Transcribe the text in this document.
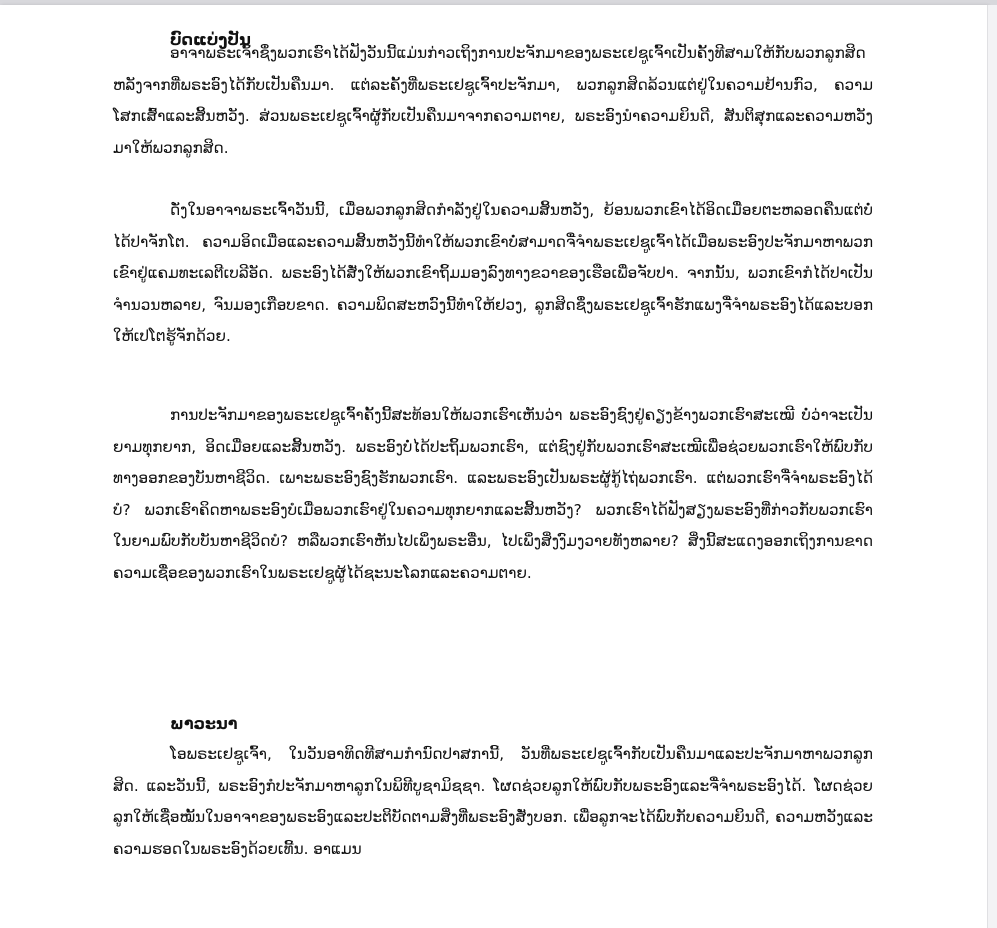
ບົດແບ່ງປັນ

ອາຈາພຣະເຈົ້າຊຶ່ງພວກເຮົາໄດ້ຟັງວັນນີ້ແມ່ນກ່າວເຖິງການປະຈັກມາຂອງພຣະເຢຊູເຈົ້າເປັນຄັ້ງທີສາມໃຫ້ກັບພວກລູກສິດ ຫລັງຈາກທີ່ພຣະອົງໄດ້ກັບເປັນຄືນມາ. ແຕ່ລະຄັ້ງທີ່ພຣະເຢຊູເຈົ້າປະຈັກມາ, ພວກລູກສິດລ້ວນແຕ່ຢູ່ໃນຄວາມຢ້ານກົວ, ຄວາມໂສກເສົ້າແລະສິ້ນຫວັງ. ສ່ວນພຣະເຢຊູເຈົ້າຜູ້ກັບເປັນຄືນມາຈາກຄວາມຕາຍ, ພຣະອົງນຳຄວາມຍິນດີ, ສັນຕິສຸກແລະຄວາມຫວັງມາໃຫ້ພວກລູກສິດ.

ດັ່ງໃນອາຈາພຣະເຈົ້າວັນນີ້, ເມື່ອພວກລູກສິດກຳລັງຢູ່ໃນຄວາມສິ້ນຫວັງ, ຍ້ອນພວກເຂົາໄດ້ອິດເມື່ອຍຕະຫລອດຄືນແຕ່ບໍ່ໄດ້ປາຈັກໂຕ. ຄວາມອິດເມື່ອແລະຄວາມສິ້ນຫວັງນີ້ທຳໃຫ້ພວກເຂົາບໍ່ສາມາດຈື່ຈຳພຣະເຢຊູເຈົ້າໄດ້ເມື່ອພຣະອົງປະຈັກມາຫາພວກເຂົາຢູ່ແຄມທະເລຕີເບລີອັດ. ພຣະອົງໄດ້ສັ່ງໃຫ້ພວກເຂົາຖິ້ມມອງລົງທາງຂວາຂອງເຮືອເພື່ອຈັບປາ. ຈາກນັ້ນ, ພວກເຂົາກໍໄດ້ປາເປັນຈຳນວນຫລາຍ, ຈົນມອງເກືອບຂາດ. ຄວາມພິດສະຫວົງນີ້ທຳໃຫ້ຢວງ, ລູກສິດຊຶ່ງພຣະເຢຊູເຈົ້າຮັກແພງຈື່ຈຳພຣະອົງໄດ້ແລະບອກໃຫ້ເປໂຕຮູ້ຈັກດ້ວຍ.

ການປະຈັກມາຂອງພຣະເຢຊູເຈົ້າຄັ້ງນີ້ສະທ້ອນໃຫ້ພວກເຮົາເຫັນວ່າ ພຣະອົງຊົງຢູ່ຄຽງຂ້າງພວກເຮົາສະເໝີ ບໍ່ວ່າຈະເປັນຍາມທຸກຍາກ, ອິດເມື່ອຍແລະສິ້ນຫວັງ. ພຣະອົງບໍ່ໄດ້ປະຖິ້ມພວກເຮົາ, ແຕ່ຊົງຢູ່ກັບພວກເຮົາສະເໝີເພື່ອຊ່ວຍພວກເຮົາໃຫ້ພົບກັບທາງອອກຂອງບັນຫາຊີວິດ. ເພາະພຣະອົງຊົງຮັກພວກເຮົາ. ແລະພຣະອົງເປັນພຣະຜູ້ກູ້ໄຖ່ພວກເຮົາ. ແຕ່ພວກເຮົາຈື່ຈຳພຣະອົງໄດ້ບໍ? ພວກເຮົາຄິດຫາພຣະອົງບໍເມື່ອພວກເຮົາຢູ່ໃນຄວາມທຸກຍາກແລະສິ້ນຫວັງ? ພວກເຮົາໄດ້ຟັງສຽງພຣະອົງທີ່ກ່າວກັບພວກເຮົາໃນຍາມພົບກັບບັນຫາຊີວິດບໍ? ຫລືພວກເຮົາຫັນໄປເພິ່ງພຣະອື່ນ, ໄປເພິ່ງສິ່ງງົມງວາຍທັງຫລາຍ? ສິ່ງນີ້ສະແດງອອກເຖິງການຂາດຄວາມເຊື່ອຂອງພວກເຮົາໃນພຣະເຢຊູຜູ້ໄດ້ຊະນະໂລກແລະຄວາມຕາຍ.

ພາວະນາ

ໂອພຣະເຢຊູເຈົ້າ, ໃນວັນອາທິດທີສາມກຳນົດປາສການີ້, ວັນທີ່ພຣະເຢຊູເຈົ້າກັບເປັນຄືນມາແລະປະຈັກມາຫາພວກລູກສິດ. ແລະວັນນີ້, ພຣະອົງກໍປະຈັກມາຫາລູກໃນພິທີບູຊາມິຊຊາ. ໂຜດຊ່ວຍລູກໃຫ້ພົບກັບພຣະອົງແລະຈື່ຈຳພຣະອົງໄດ້. ໂຜດຊ່ວຍລູກໃຫ້ເຊື່ອໝັ້ນໃນອາຈາຂອງພຣະອົງແລະປະຕິບັດຕາມສິ່ງທີ່ພຣະອົງສັ່ງບອກ. ເພື່ອລູກຈະໄດ້ພົບກັບຄວາມຍິນດີ, ຄວາມຫວັງແລະຄວາມຮອດໃນພຣະອົງດ້ວຍເທີ້ນ. ອາແມນ
